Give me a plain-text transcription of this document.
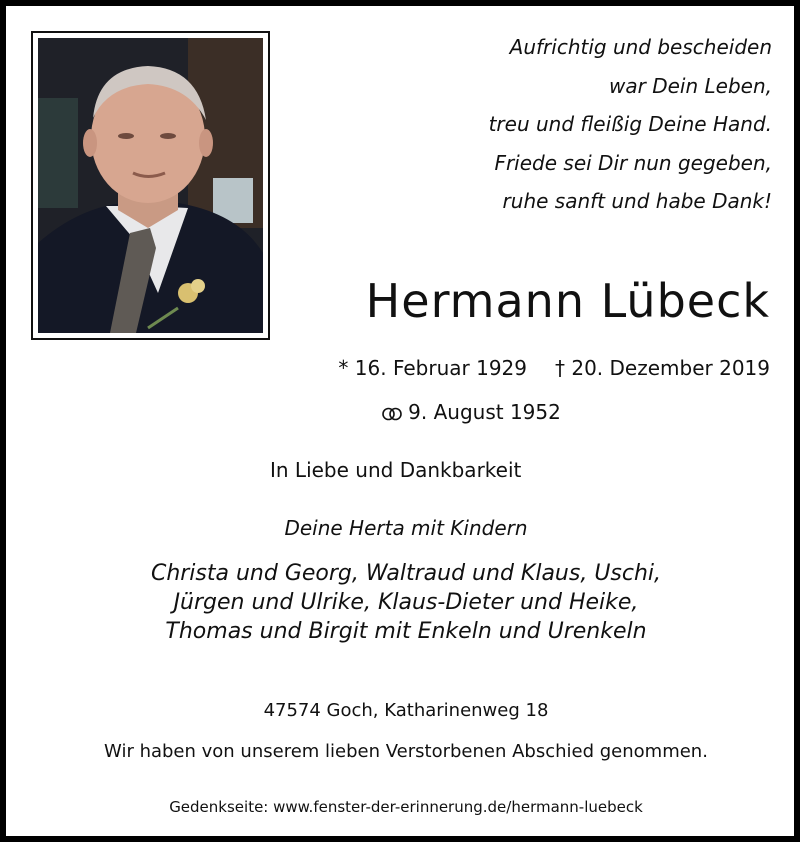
Aufrichtig und bescheiden
war Dein Leben,
treu und fleißig Deine Hand.
Friede sei Dir nun gegeben,
ruhe sanft und habe Dank!
Hermann Lübeck
* 16. Februar 1929 † 20. Dezember 2019
9. August 1952
In Liebe und Dankbarkeit
Deine Herta mit Kindern
Christa und Georg, Waltraud und Klaus, Uschi,
Jürgen und Ulrike, Klaus-Dieter und Heike,
Thomas und Birgit mit Enkeln und Urenkeln
47574 Goch, Katharinenweg 18
Wir haben von unserem lieben Verstorbenen Abschied genommen.
Gedenkseite: www.fenster-der-erinnerung.de/hermann-luebeck
